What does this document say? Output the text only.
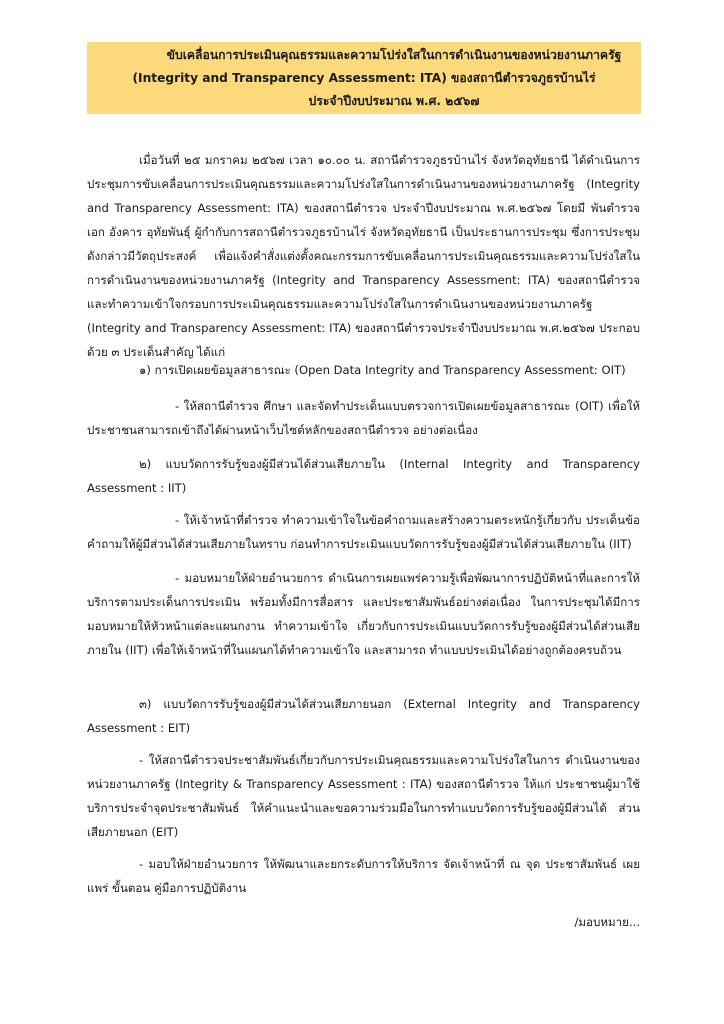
ขับเคลื่อนการประเมินคุณธรรมและความโปร่งใสในการดำเนินงานของหน่วยงานภาครัฐ
(Integrity and Transparency Assessment: ITA) ของสถานีตำรวจภูธรบ้านไร่
ประจำปีงบประมาณ พ.ศ. ๒๕๖๗

เมื่อวันที่ ๒๕ มกราคม ๒๕๖๗ เวลา ๑๐.๐๐ น. สถานีตำรวจภูธรบ้านไร่ จังหวัดอุทัยธานี ได้ดำเนินการประชุมการขับเคลื่อนการประเมินคุณธรรมและความโปร่งใสในการดำเนินงานของหน่วยงานภาครัฐ (Integrity and Transparency Assessment: ITA) ของสถานีตำรวจ ประจำปีงบประมาณ พ.ศ.๒๕๖๗ โดยมี พันตำรวจเอก อังคาร อุทัยพันธุ์ ผู้กำกับการสถานีตำรวจภูธรบ้านไร่ จังหวัดอุทัยธานี เป็นประธานการประชุม ซึ่งการประชุมดังกล่าวมีวัตถุประสงค์ เพื่อแจ้งคำสั่งแต่งตั้งคณะกรรมการขับเคลื่อนการประเมินคุณธรรมและความโปร่งใสในการดำเนินงานของหน่วยงานภาครัฐ (Integrity and Transparency Assessment: ITA) ของสถานีตำรวจ และทำความเข้าใจกรอบการประเมินคุณธรรมและความโปร่งใสในการดำเนินงานของหน่วยงานภาครัฐ (Integrity and Transparency Assessment: ITA) ของสถานีตำรวจประจำปีงบประมาณ พ.ศ.๒๕๖๗ ประกอบด้วย ๓ ประเด็นสำคัญ ได้แก่

๑) การเปิดเผยข้อมูลสาธารณะ (Open Data Integrity and Transparency Assessment: OIT)

- ให้สถานีตำรวจ ศึกษา และจัดทำประเด็นแบบตรวจการเปิดเผยข้อมูลสาธารณะ (OIT) เพื่อให้ประชาชนสามารถเข้าถึงได้ผ่านหน้าเว็บไซต์หลักของสถานีตำรวจ อย่างต่อเนื่อง

๒) แบบวัดการรับรู้ของผู้มีส่วนได้ส่วนเสียภายใน (Internal Integrity and Transparency Assessment : IIT)

- ให้เจ้าหน้าที่ตำรวจ ทำความเข้าใจในข้อคำถามและสร้างความตระหนักรู้เกี่ยวกับ ประเด็นข้อคำถามให้ผู้มีส่วนได้ส่วนเสียภายในทราบ ก่อนทำการประเมินแบบวัดการรับรู้ของผู้มีส่วนได้ส่วนเสียภายใน (IIT)

- มอบหมายให้ฝ่ายอำนวยการ ดำเนินการเผยแพร่ความรู้เพื่อพัฒนาการปฏิบัติหน้าที่และการให้บริการตามประเด็นการประเมิน พร้อมทั้งมีการสื่อสาร และประชาสัมพันธ์อย่างต่อเนื่อง ในการประชุมได้มีการมอบหมายให้หัวหน้าแต่ละแผนกงาน ทำความเข้าใจ เกี่ยวกับการประเมินแบบวัดการรับรู้ของผู้มีส่วนได้ส่วนเสียภายใน (IIT) เพื่อให้เจ้าหน้าที่ในแผนกได้ทำความเข้าใจ และสามารถ ทำแบบประเมินได้อย่างถูกต้องครบถ้วน

๓) แบบวัดการรับรู้ของผู้มีส่วนได้ส่วนเสียภายนอก (External Integrity and Transparency Assessment : EIT)

- ให้สถานีตำรวจประชาสัมพันธ์เกี่ยวกับการประเมินคุณธรรมและความโปร่งใสในการ ดำเนินงานของหน่วยงานภาครัฐ (Integrity & Transparency Assessment : ITA) ของสถานีตำรวจ ให้แก่ ประชาชนผู้มาใช้บริการประจำจุดประชาสัมพันธ์ ให้คำแนะนำและขอความร่วมมือในการทำแบบวัดการรับรู้ของผู้มีส่วนได้ ส่วนเสียภายนอก (EIT)

- มอบให้ฝ่ายอำนวยการ ให้พัฒนาและยกระดับการให้บริการ จัดเจ้าหน้าที่ ณ จุด ประชาสัมพันธ์ เผยแพร่ ขั้นตอน คู่มือการปฏิบัติงาน

/มอบหมาย...
